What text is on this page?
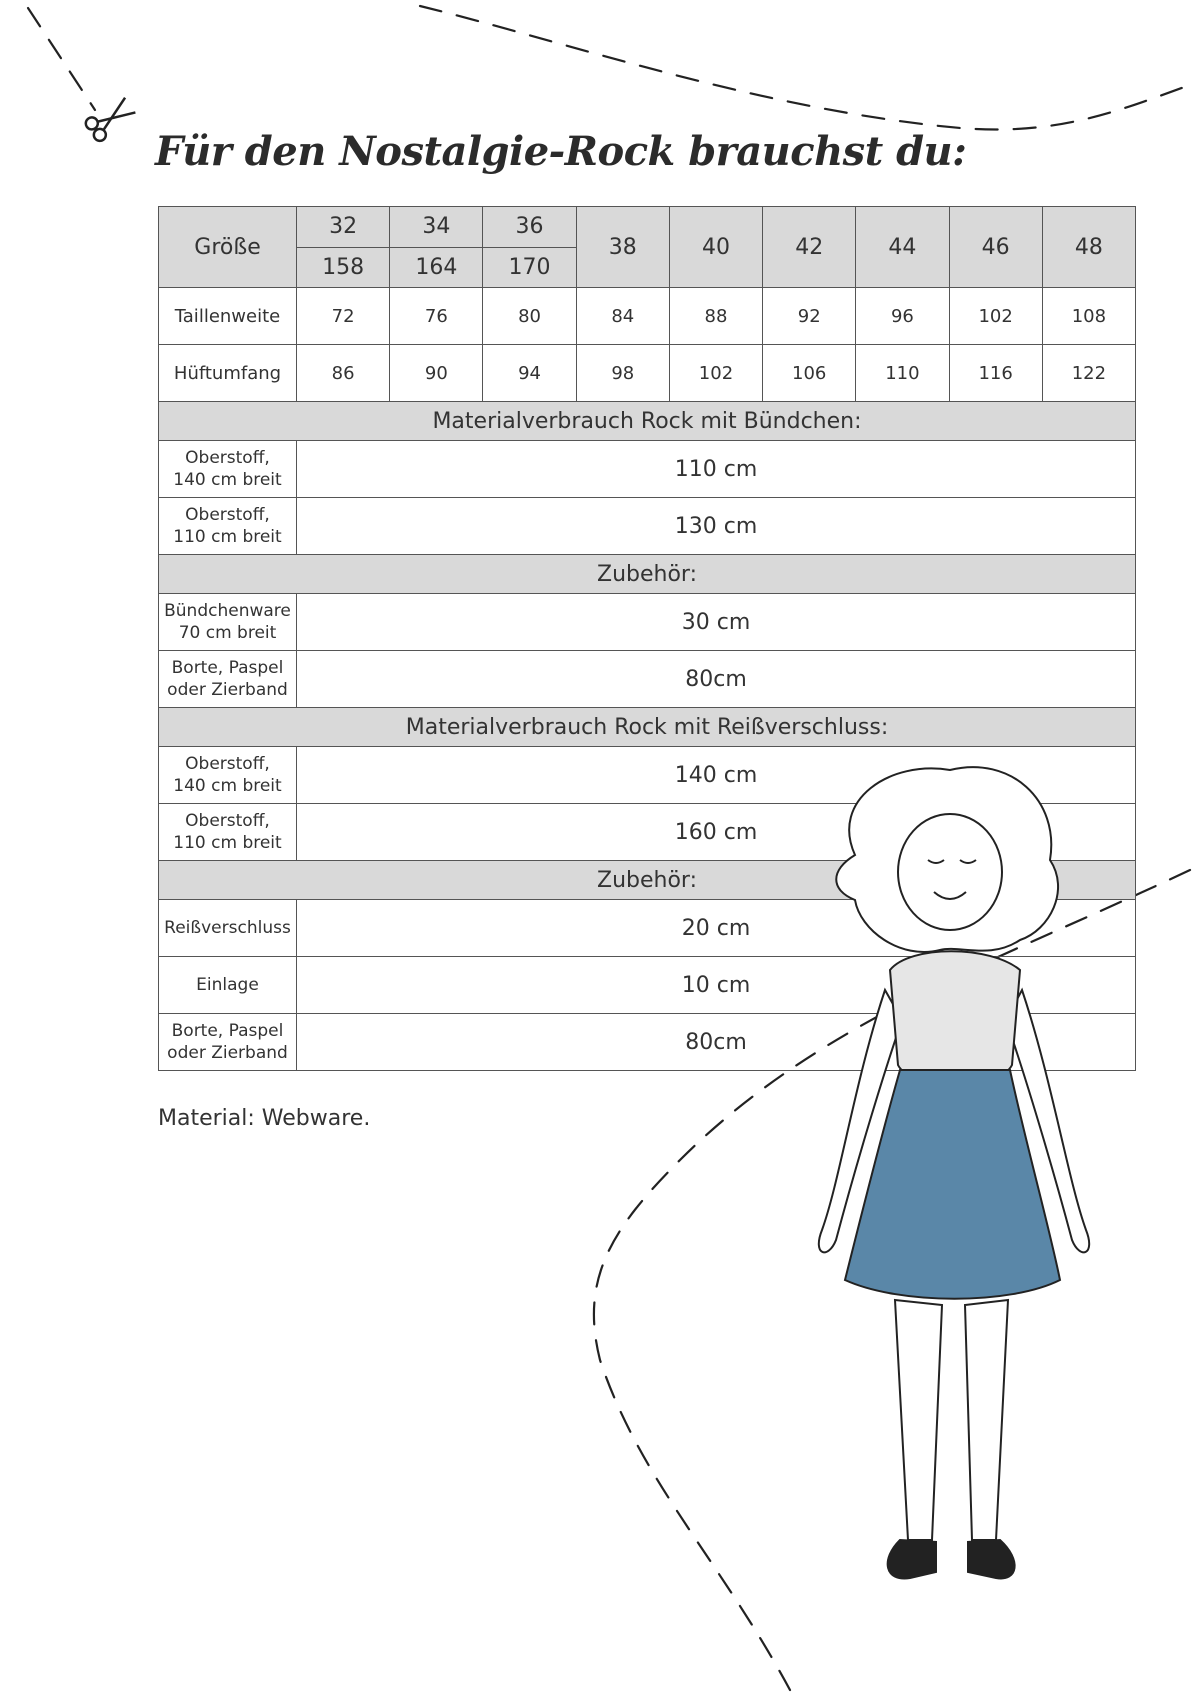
Für den Nostalgie-Rock brauchst du:
Größe	32	34	36	38	40	42	44	46	48
	158	164	170						
Taillenweite	72	76	80	84	88	92	96	102	108
Hüftumfang	86	90	94	98	102	106	110	116	122
Materialverbrauch Rock mit Bündchen:									
Oberstoff,
140 cm breit	110 cm								
Oberstoff,
110 cm breit	130 cm								
Zubehör:									
Bündchenware
70 cm breit	30 cm								
Borte, Paspel
oder Zierband	80cm								
Materialverbrauch Rock mit Reißverschluss:									
Oberstoff,
140 cm breit	140 cm								
Oberstoff,
110 cm breit	160 cm								
Zubehör:									
Reißverschluss	20 cm								
Einlage	10 cm								
Borte, Paspel
oder Zierband	80cm								

Material: Webware.
